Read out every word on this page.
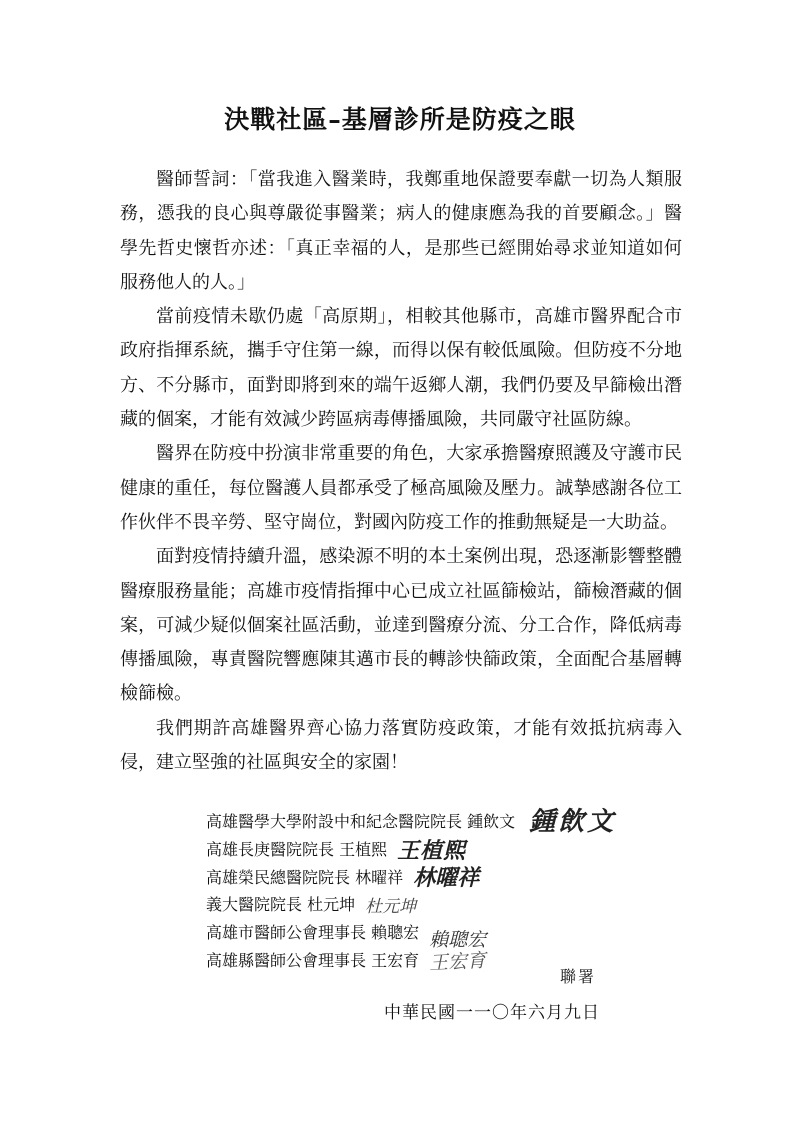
決戰社區–基層診所是防疫之眼

醫師誓詞：「當我進入醫業時，我鄭重地保證要奉獻一切為人類服務，憑我的良心與尊嚴從事醫業；病人的健康應為我的首要顧念。」醫學先哲史懷哲亦述：「真正幸福的人，是那些已經開始尋求並知道如何服務他人的人。」

當前疫情未歇仍處「高原期」，相較其他縣市，高雄市醫界配合市政府指揮系統，攜手守住第一線，而得以保有較低風險。但防疫不分地方、不分縣市，面對即將到來的端午返鄉人潮，我們仍要及早篩檢出潛藏的個案，才能有效減少跨區病毒傳播風險，共同嚴守社區防線。

醫界在防疫中扮演非常重要的角色，大家承擔醫療照護及守護市民健康的重任，每位醫護人員都承受了極高風險及壓力。誠摯感謝各位工作伙伴不畏辛勞、堅守崗位，對國內防疫工作的推動無疑是一大助益。

面對疫情持續升溫，感染源不明的本土案例出現，恐逐漸影響整體醫療服務量能；高雄市疫情指揮中心已成立社區篩檢站，篩檢潛藏的個案，可減少疑似個案社區活動，並達到醫療分流、分工合作，降低病毒傳播風險，專責醫院響應陳其邁市長的轉診快篩政策，全面配合基層轉檢篩檢。

我們期許高雄醫界齊心協力落實防疫政策，才能有效抵抗病毒入侵，建立堅強的社區與安全的家園！

高雄醫學大學附設中和紀念醫院院長 鍾飲文 鍾飲文
高雄長庚醫院院長 王植熙 王植熙
高雄榮民總醫院院長 林曜祥 林曜祥
義大醫院院長 杜元坤 杜元坤
高雄市醫師公會理事長 賴聰宏 賴聰宏
高雄縣醫師公會理事長 王宏育 王宏育
聯署
中華民國一一〇年六月九日
